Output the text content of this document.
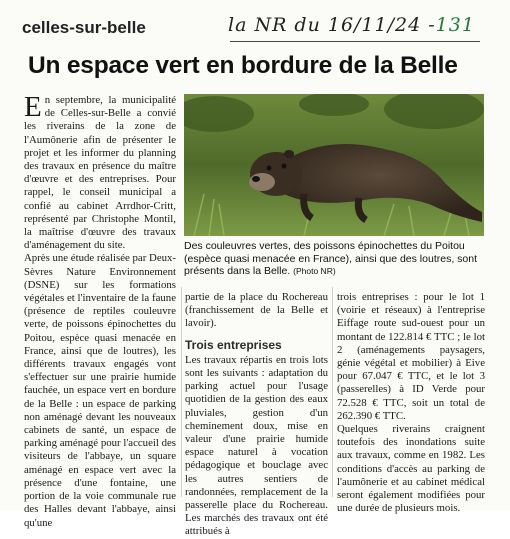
celles-sur-belle	la NR du 16/11/24 -131
Un espace vert en bordure de la Belle

En septembre, la municipalité de Celles-sur-Belle a convié les riverains de la zone de l'Aumônerie afin de présenter le projet et les informer du planning des travaux en présence du maître d'œuvre et des entreprises. Pour rappel, le conseil municipal a confié au cabinet Arrdhor-Critt, représenté par Christophe Montil, la maîtrise d'œuvre des travaux d'aménagement du site.

Après une étude réalisée par Deux-Sèvres Nature Environnement (DSNE) sur les formations végétales et l'inventaire de la faune (présence de reptiles couleuvre verte, de poissons épinochettes du Poitou, espèce quasi menacée en France, ainsi que de loutres), les différents travaux engagés vont s'effectuer sur une prairie humide fauchée, un espace vert en bordure de la Belle : un espace de parking non aménagé devant les nouveaux cabinets de santé, un espace de parking aménagé pour l'accueil des visiteurs de l'abbaye, un square aménagé en espace vert avec la présence d'une fontaine, une portion de la voie communale rue des Halles devant l'abbaye, ainsi qu'une

Des couleuvres vertes, des poissons épinochettes du Poitou (espèce quasi menacée en France), ainsi que des loutres, sont présents dans la Belle. (Photo NR)

partie de la place du Rochereau (franchissement de la Belle et lavoir).

Trois entreprises

Les travaux répartis en trois lots sont les suivants : adaptation du parking actuel pour l'usage quotidien de la gestion des eaux pluviales, gestion d'un cheminement doux, mise en valeur d'une prairie humide espace naturel à vocation pédagogique et bouclage avec les autres sentiers de randonnées, remplacement de la passerelle place du Rochereau. Les marchés des travaux ont été attribués à

trois entreprises : pour le lot 1 (voirie et réseaux) à l'entreprise Eiffage route sud-ouest pour un montant de 122.814 € TTC ; le lot 2 (aménagements paysagers, génie végétal et mobilier) à Eive pour 67.047 € TTC, et le lot 3 (passerelles) à ID Verde pour 72.528 € TTC, soit un total de 262.390 € TTC.

Quelques riverains craignent toutefois des inondations suite aux travaux, comme en 1982. Les conditions d'accès au parking de l'aumônerie et au cabinet médical seront également modifiées pour une durée de plusieurs mois.
